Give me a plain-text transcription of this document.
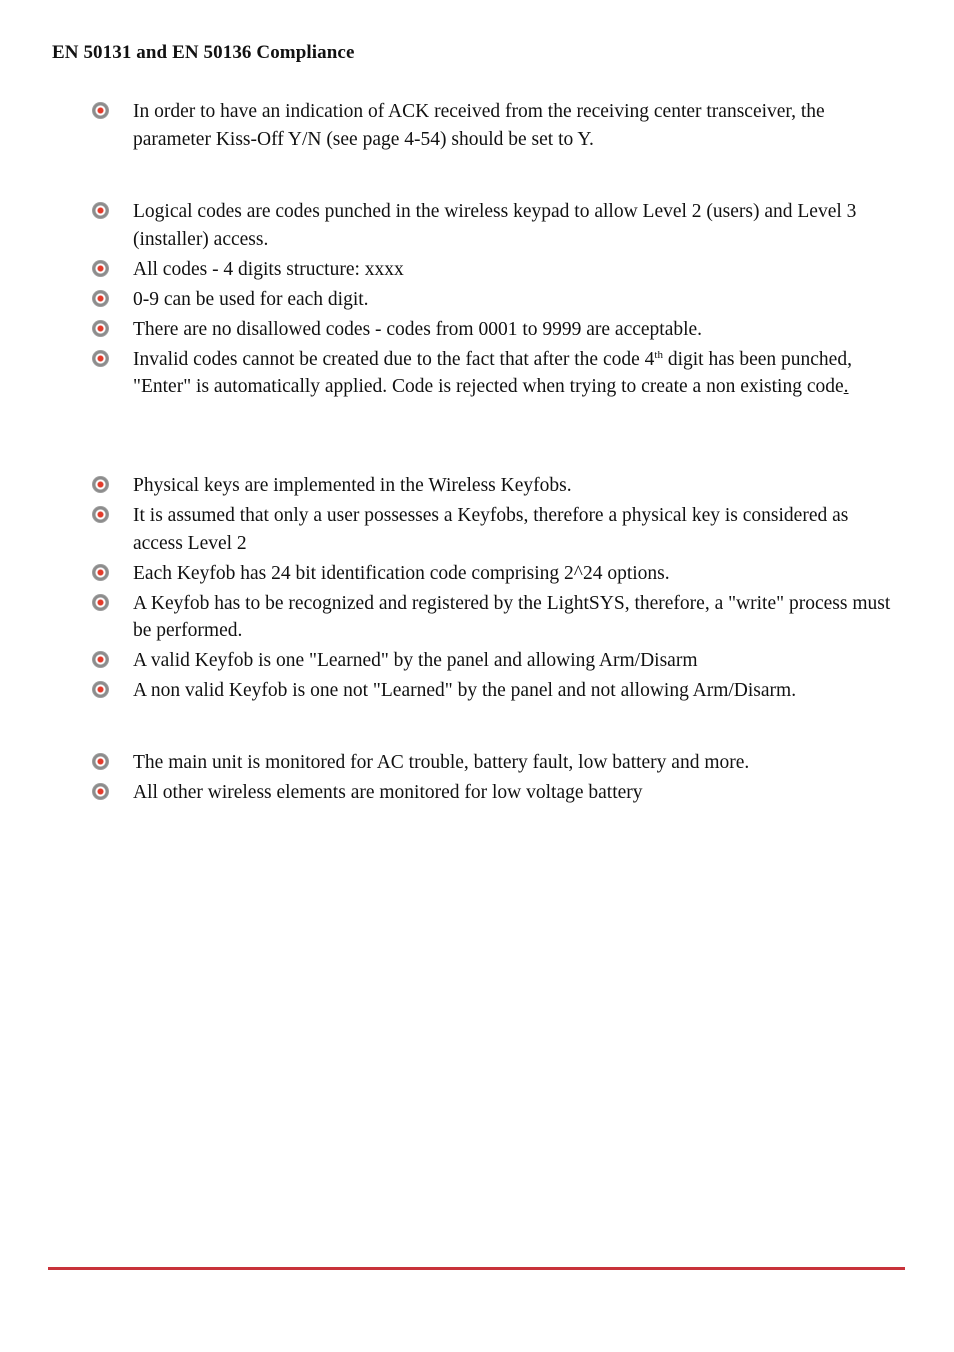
EN 50131 and EN 50136 Compliance
In order to have an indication of ACK received from the receiving center transceiver, the parameter Kiss-Off Y/N (see page 4-54) should be set to Y.
Logical codes are codes punched in the wireless keypad to allow Level 2 (users) and Level 3 (installer) access.
All codes - 4 digits structure: xxxx
0-9 can be used for each digit.
There are no disallowed codes - codes from 0001 to 9999 are acceptable.
Invalid codes cannot be created due to the fact that after the code 4th digit has been punched, "Enter" is automatically applied. Code is rejected when trying to create a non existing code.
Physical keys are implemented in the Wireless Keyfobs.
It is assumed that only a user possesses a Keyfobs, therefore a physical key is considered as access Level 2
Each Keyfob has 24 bit identification code comprising 2^24 options.
A Keyfob has to be recognized and registered by the LightSYS, therefore, a "write" process must be performed.
A valid Keyfob is one "Learned" by the panel and allowing Arm/Disarm
A non valid Keyfob is one not "Learned" by the panel and not allowing Arm/Disarm.
The main unit is monitored for AC trouble, battery fault, low battery and more.
All other wireless elements are monitored for low voltage battery
